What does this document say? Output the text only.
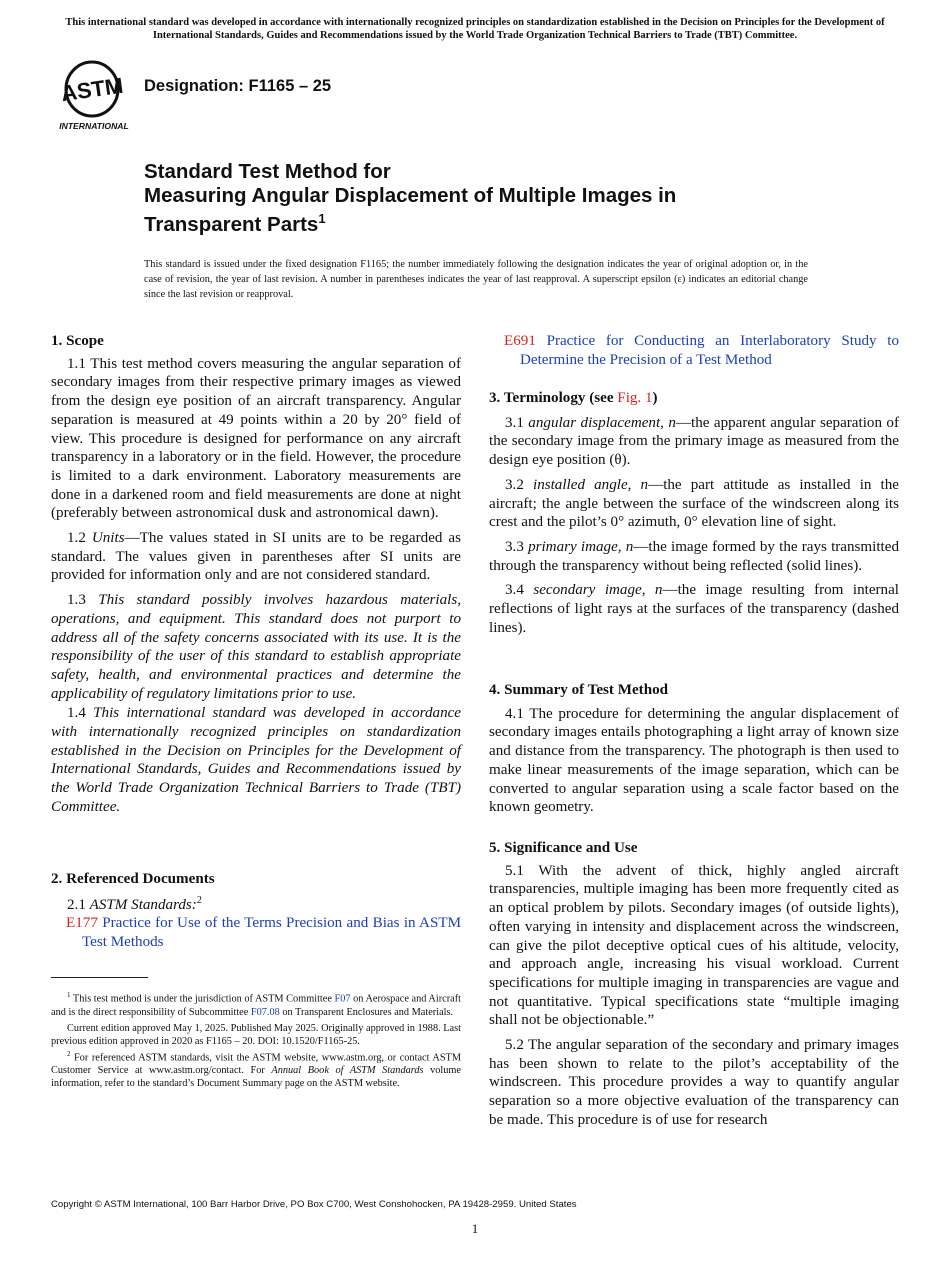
This international standard was developed in accordance with internationally recognized principles on standardization established in the Decision on Principles for the Development of International Standards, Guides and Recommendations issued by the World Trade Organization Technical Barriers to Trade (TBT) Committee.
ASTM
INTERNATIONAL
Designation: F1165 – 25
Standard Test Method for
Measuring Angular Displacement of Multiple Images in
Transparent Parts$^1$
This standard is issued under the fixed designation F1165; the number immediately following the designation indicates the year of original adoption or, in the case of revision, the year of last revision. A number in parentheses indicates the year of last reapproval. A superscript epsilon (ε) indicates an editorial change since the last revision or reapproval.
1. Scope

1.1 This test method covers measuring the angular separation of secondary images from their respective primary images as viewed from the design eye position of an aircraft transparency. Angular separation is measured at 49 points within a 20 by 20° field of view. This procedure is designed for performance on any aircraft transparency in a laboratory or in the field. However, the procedure is limited to a dark environment. Laboratory measurements are done in a darkened room and field measurements are done at night (preferably between astronomical dusk and astronomical dawn).

1.2 Units—The values stated in SI units are to be regarded as standard. The values given in parentheses after SI units are provided for information only and are not considered standard.

1.3 This standard possibly involves hazardous materials, operations, and equipment. This standard does not purport to address all of the safety concerns associated with its use. It is the responsibility of the user of this standard to establish appropriate safety, health, and environmental practices and determine the applicability of regulatory limitations prior to use.

1.4 This international standard was developed in accordance with internationally recognized principles on standardization established in the Decision on Principles for the Development of International Standards, Guides and Recommendations issued by the World Trade Organization Technical Barriers to Trade (TBT) Committee.

2. Referenced Documents

2.1 ASTM Standards:$^2$

E177 Practice for Use of the Terms Precision and Bias in ASTM Test Methods

$^1$ This test method is under the jurisdiction of ASTM Committee F07 on Aerospace and Aircraft and is the direct responsibility of Subcommittee F07.08 on Transparent Enclosures and Materials.

Current edition approved May 1, 2025. Published May 2025. Originally approved in 1988. Last previous edition approved in 2020 as F1165 – 20. DOI: 10.1520/F1165-25.

$^2$ For referenced ASTM standards, visit the ASTM website, www.astm.org, or contact ASTM Customer Service at www.astm.org/contact. For Annual Book of ASTM Standards volume information, refer to the standard’s Document Summary page on the ASTM website.

E691 Practice for Conducting an Interlaboratory Study to Determine the Precision of a Test Method

3. Terminology (see Fig. 1)

3.1 angular displacement, n—the apparent angular separation of the secondary image from the primary image as measured from the design eye position (θ).

3.2 installed angle, n—the part attitude as installed in the aircraft; the angle between the surface of the windscreen along its crest and the pilot’s 0° azimuth, 0° elevation line of sight.

3.3 primary image, n—the image formed by the rays transmitted through the transparency without being reflected (solid lines).

3.4 secondary image, n—the image resulting from internal reflections of light rays at the surfaces of the transparency (dashed lines).

4. Summary of Test Method

4.1 The procedure for determining the angular displacement of secondary images entails photographing a light array of known size and distance from the transparency. The photograph is then used to make linear measurements of the image separation, which can be converted to angular separation using a scale factor based on the known geometry.

5. Significance and Use

5.1 With the advent of thick, highly angled aircraft transparencies, multiple imaging has been more frequently cited as an optical problem by pilots. Secondary images (of outside lights), often varying in intensity and displacement across the windscreen, can give the pilot deceptive optical cues of his altitude, velocity, and approach angle, increasing his visual workload. Current specifications for multiple imaging in transparencies are vague and not quantitative. Typical specifications state “multiple imaging shall not be objectionable.”

5.2 The angular separation of the secondary and primary images has been shown to relate to the pilot’s acceptability of the windscreen. This procedure provides a way to quantify angular separation so a more objective evaluation of the transparency can be made. This procedure is of use for research

Copyright © ASTM International, 100 Barr Harbor Drive, PO Box C700, West Conshohocken, PA 19428-2959. United States
1
